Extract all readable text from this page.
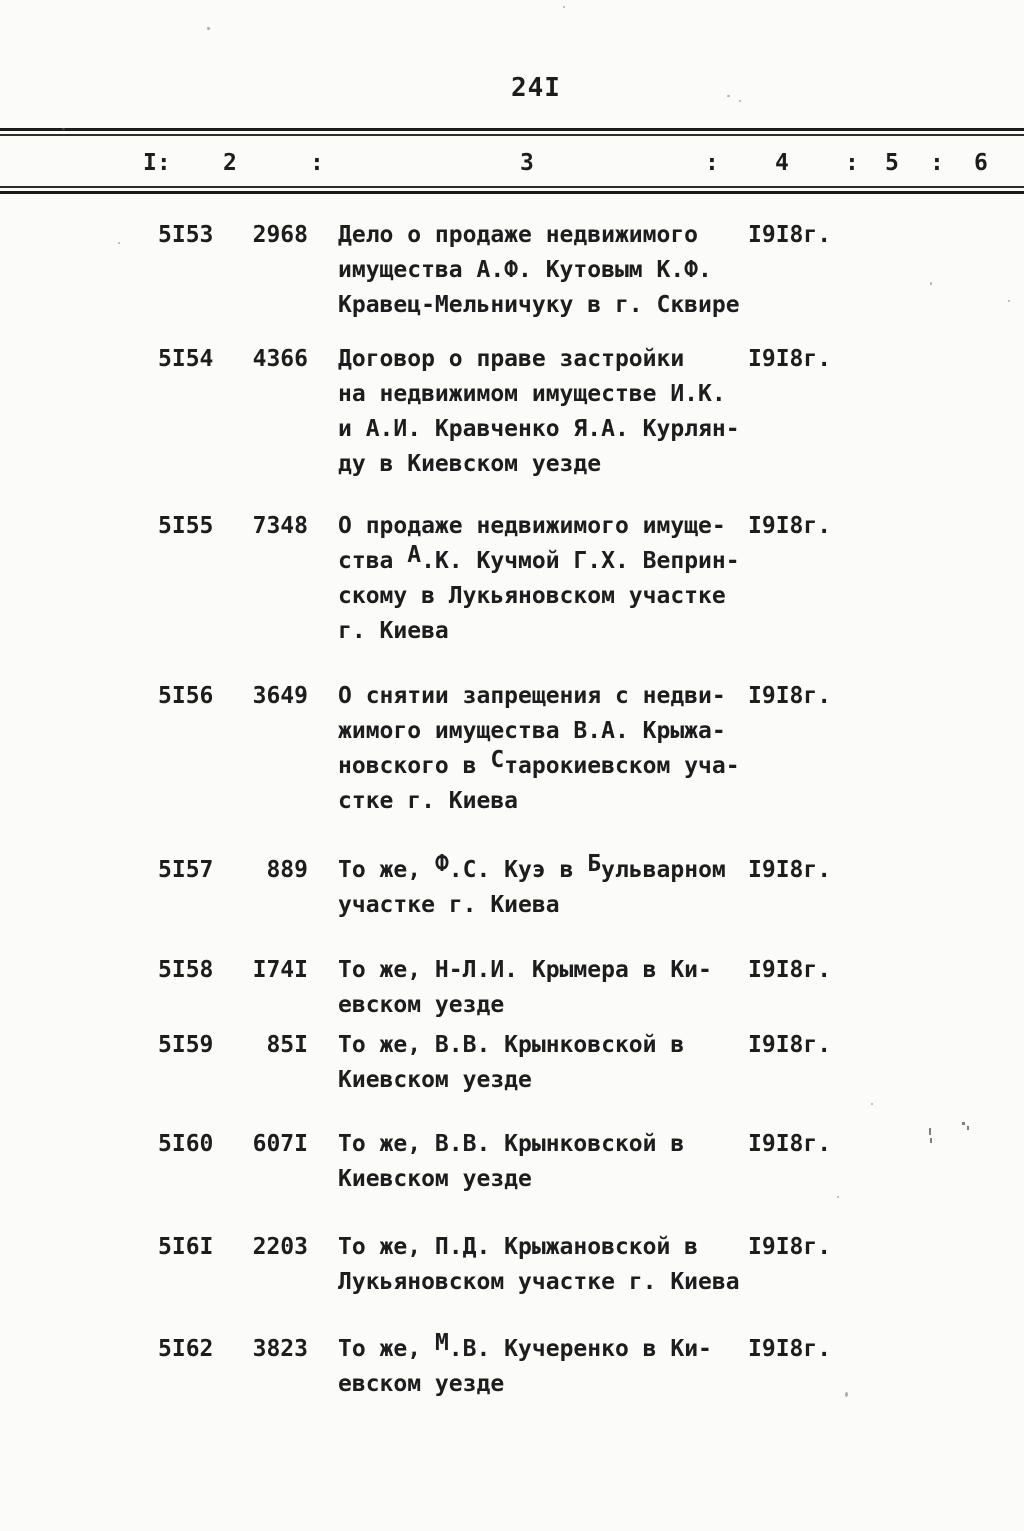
24I
I: 2	:	3	: 4 : 5 : 6
5I53	2968 Дело о продаже недвижимого
имущества А.Ф. Кутовым К.Ф.
Кравец-Мельничуку в г. Сквире
I9I8г.
5I54	4366 Договор о праве застройки
на недвижимом имуществе И.К.
и А.И. Кравченко Я.А. Курлян-
ду в Киевском уезде
I9I8г.
5I55	7348 О продаже недвижимого имуще-
ства А.К. Кучмой Г.Х. Веприн-
скому в Лукьяновском участке
г. Киева
I9I8г.
5I56	3649 О снятии запрещения с недви-
жимого имущества В.А. Крыжа-
новского в Старокиевском уча-
стке г. Киева
I9I8г.
5I57	889 То же, Ф.С. Куэ в Бульварном
участке г. Киева
I9I8г.
5I58	I74I То же, Н-Л.И. Крымера в Ки-
евском уезде
I9I8г.
5I59	85I То же, В.В. Крынковской в
Киевском уезде
I9I8г.
5I60	607I То же, В.В. Крынковской в
Киевском уезде
I9I8г.
5I6I	2203 То же, П.Д. Крыжановской в
Лукьяновском участке г. Киева
I9I8г.
5I62	3823 То же, М.В. Кучеренко в Ки-
евском уезде
I9I8г.
